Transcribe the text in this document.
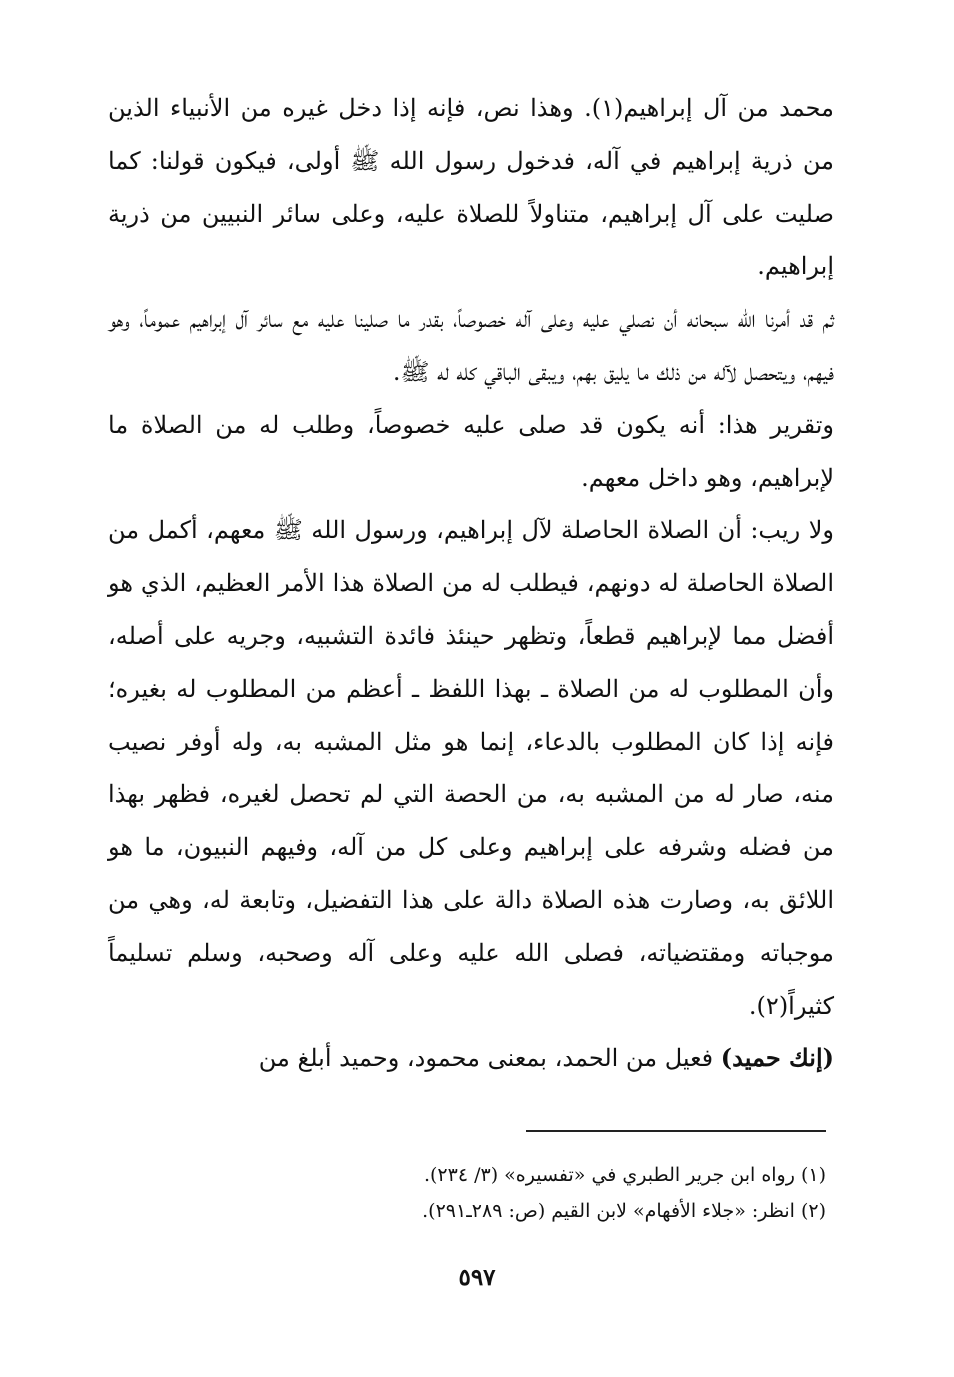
محمد من آل إبراهيم(١). وهذا نص، فإنه إذا دخل غيره من الأنبياء الذين من ذرية إبراهيم في آله، فدخول رسول الله ﷺ أولى، فيكون قولنا: كما صليت على آل إبراهيم، متناولاً للصلاة عليه، وعلى سائر النبيين من ذرية إبراهيم.

ثم قد أمرنا الله سبحانه أن نصلي عليه وعلى آله خصوصاً، بقدر ما صلينا عليه مع سائر آل إبراهيم عموماً، وهو فيهم، ويتحصل لآله من ذلك ما يليق بهم، ويبقى الباقي كله له ﷺ.

وتقرير هذا: أنه يكون قد صلى عليه خصوصاً، وطلب له من الصلاة ما لإبراهيم، وهو داخل معهم.

ولا ريب: أن الصلاة الحاصلة لآل إبراهيم، ورسول الله ﷺ معهم، أكمل من الصلاة الحاصلة له دونهم، فيطلب له من الصلاة هذا الأمر العظيم، الذي هو أفضل مما لإبراهيم قطعاً، وتظهر حينئذ فائدة التشبيه، وجريه على أصله، وأن المطلوب له من الصلاة ـ بهذا اللفظ ـ أعظم من المطلوب له بغيره؛ فإنه إذا كان المطلوب بالدعاء، إنما هو مثل المشبه به، وله أوفر نصيب منه، صار له من المشبه به، من الحصة التي لم تحصل لغيره، فظهر بهذا من فضله وشرفه على إبراهيم وعلى كل من آله، وفيهم النبيون، ما هو اللائق به، وصارت هذه الصلاة دالة على هذا التفضيل، وتابعة له، وهي من موجباته ومقتضياته، فصلى الله عليه وعلى آله وصحبه، وسلم تسليماً كثيراً(٢).

(إنك حميد) فعيل من الحمد، بمعنى محمود، وحميد أبلغ من

(١) رواه ابن جرير الطبري في «تفسيره» (٣/ ٢٣٤).
(٢) انظر: «جلاء الأفهام» لابن القيم (ص: ٢٨٩ـ٢٩١).
٥٩٧
